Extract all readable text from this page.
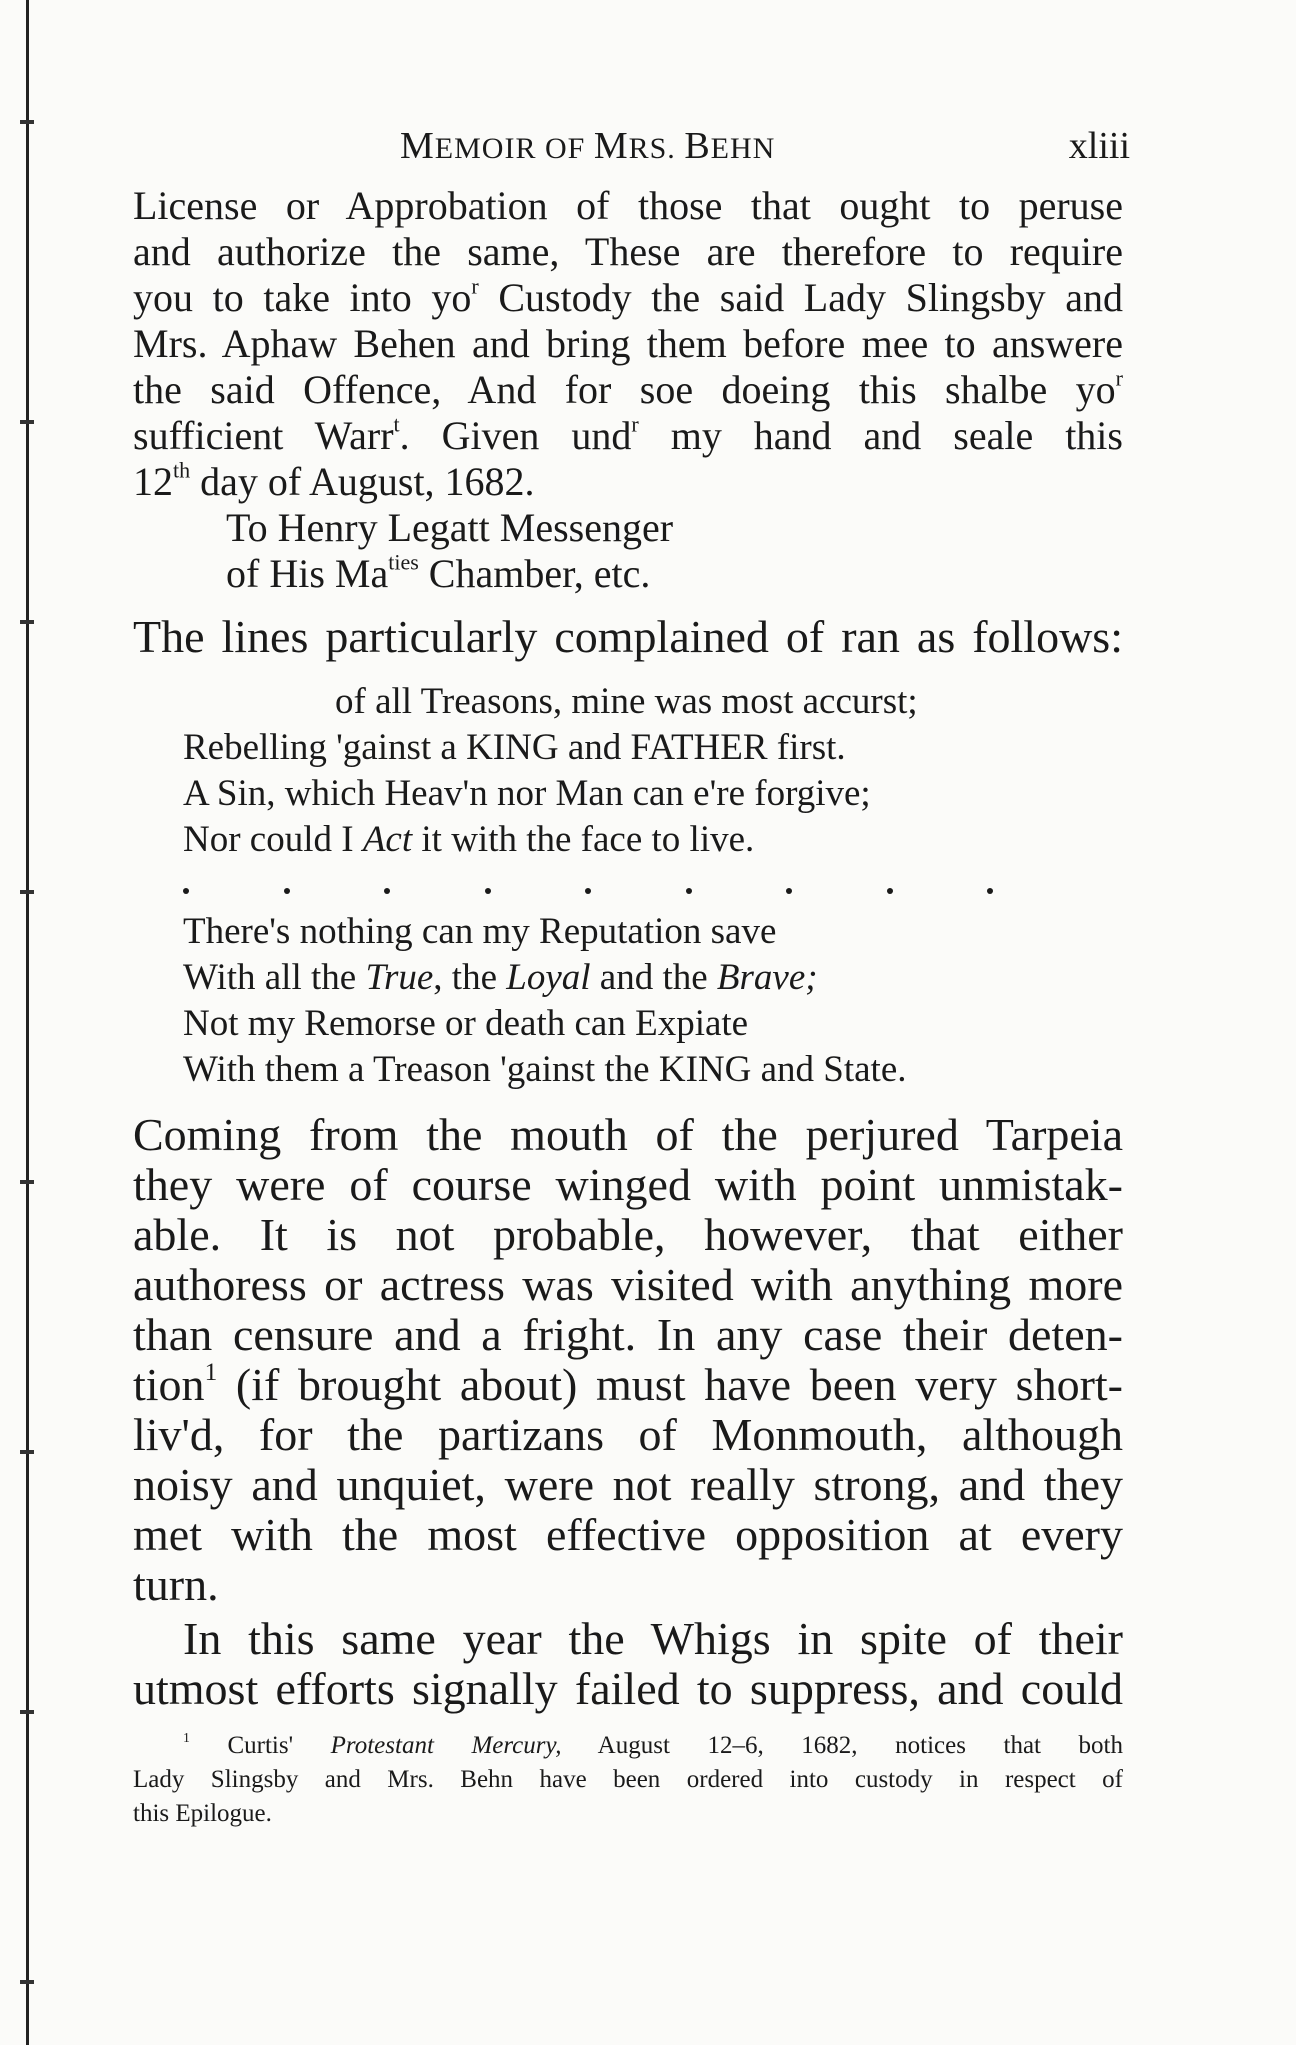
MEMOIR OF MRS. BEHN	xliii
License or Approbation of those that ought to peruse
and authorize the same, These are therefore to require
you to take into $yo^r$ Custody the said Lady Slingsby and
Mrs. Aphaw Behen and bring them before mee to answere
the said Offence, And for soe doeing this shalbe $yo^r$
sufficient Warr$^t$. Given und$^r$ my hand and seale this
12th day of August, 1682.
To Henry Legatt Messenger
of His $Ma^{ties}$ Chamber, etc.
The lines particularly complained of ran as follows:
of all Treasons, mine was most accurst;
Rebelling 'gainst a KING and FATHER first.
A Sin, which Heav'n nor Man can e're forgive;
Nor could I Act it with the face to live.
There's nothing can my Reputation save
With all the True, the Loyal and the Brave;
Not my Remorse or death can Expiate
With them a Treason 'gainst the KING and State.
Coming from the mouth of the perjured Tarpeia
they were of course winged with point unmistak-
able. It is not probable, however, that either
authoress or actress was visited with anything more
than censure and a fright. In any case their deten-
tion$^1$ (if brought about) must have been very short-
liv'd, for the partizans of Monmouth, although
noisy and unquiet, were not really strong, and they
met with the most effective opposition at every
turn.
In this same year the Whigs in spite of their
utmost efforts signally failed to suppress, and could
$^1$ Curtis' Protestant Mercury, August 12–6, 1682, notices that both
Lady Slingsby and Mrs. Behn have been ordered into custody in respect of
this Epilogue.
